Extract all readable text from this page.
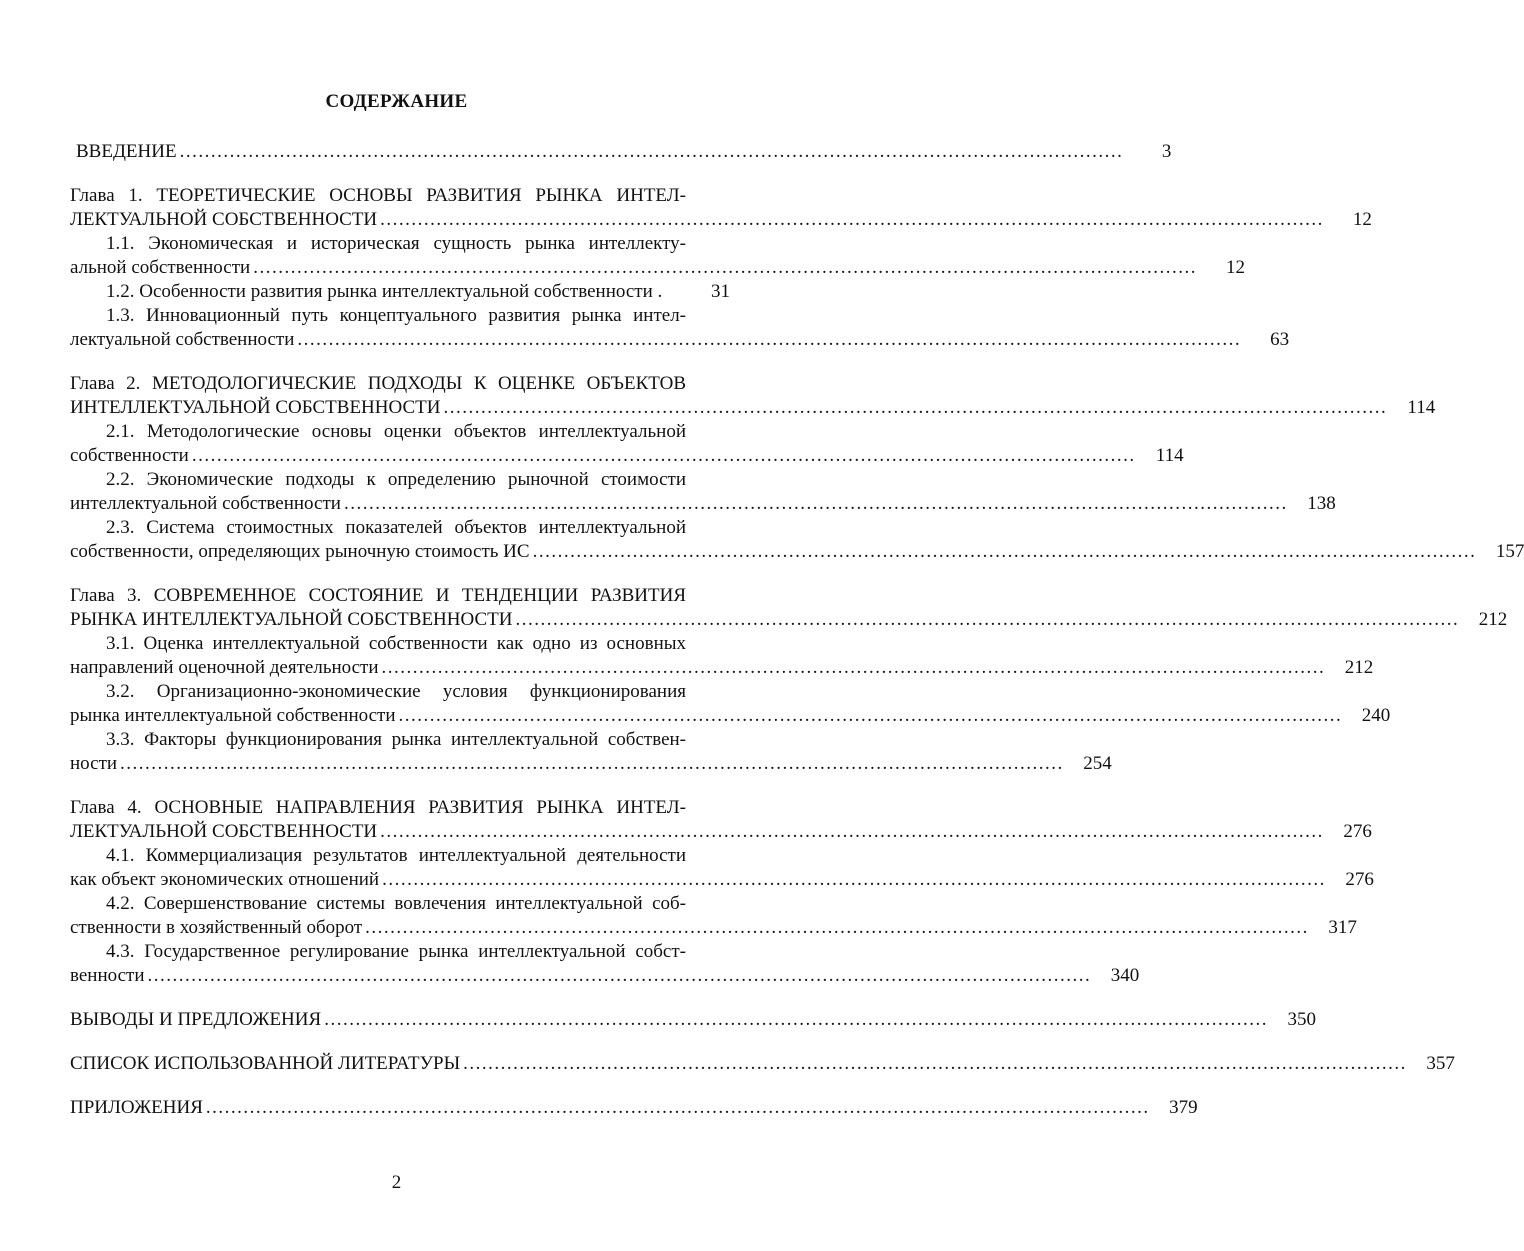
СОДЕРЖАНИЕ
ВВЕДЕНИЕ .......................................................................................................................................................	3
Глава 1. ТЕОРЕТИЧЕСКИЕ ОСНОВЫ РАЗВИТИЯ РЫНКА ИНТЕЛ-
ЛЕКТУАЛЬНОЙ СОБСТВЕННОСТИ .......................................................................................................................................................	12
1.1. Экономическая и историческая сущность рынка интеллекту-
альной собственности .......................................................................................................................................................	12
1.2. Особенности развития рынка интеллектуальной собственности .	31
1.3. Инновационный путь концептуального развития рынка интел-
лектуальной собственности .......................................................................................................................................................	63
Глава 2. МЕТОДОЛОГИЧЕСКИЕ ПОДХОДЫ К ОЦЕНКЕ ОБЪЕКТОВ
ИНТЕЛЛЕКТУАЛЬНОЙ СОБСТВЕННОСТИ .......................................................................................................................................................	114
2.1. Методологические основы оценки объектов интеллектуальной
собственности .......................................................................................................................................................	114
2.2. Экономические подходы к определению рыночной стоимости
интеллектуальной собственности .......................................................................................................................................................	138
2.3. Система стоимостных показателей объектов интеллектуальной
собственности, определяющих рыночную стоимость ИС .......................................................................................................................................................	157
Глава 3. СОВРЕМЕННОЕ СОСТОЯНИЕ И ТЕНДЕНЦИИ РАЗВИТИЯ
РЫНКА ИНТЕЛЛЕКТУАЛЬНОЙ СОБСТВЕННОСТИ .......................................................................................................................................................	212
3.1. Оценка интеллектуальной собственности как одно из основных
направлений оценочной деятельности .......................................................................................................................................................	212
3.2. Организационно-экономические условия функционирования
рынка интеллектуальной собственности .......................................................................................................................................................	240
3.3. Факторы функционирования рынка интеллектуальной собствен-
ности .......................................................................................................................................................	254
Глава 4. ОСНОВНЫЕ НАПРАВЛЕНИЯ РАЗВИТИЯ РЫНКА ИНТЕЛ-
ЛЕКТУАЛЬНОЙ СОБСТВЕННОСТИ .......................................................................................................................................................	276
4.1. Коммерциализация результатов интеллектуальной деятельности
как объект экономических отношений .......................................................................................................................................................	276
4.2. Совершенствование системы вовлечения интеллектуальной соб-
ственности в хозяйственный оборот .......................................................................................................................................................	317
4.3. Государственное регулирование рынка интеллектуальной собст-
венности .......................................................................................................................................................	340
ВЫВОДЫ И ПРЕДЛОЖЕНИЯ .......................................................................................................................................................	350
СПИСОК ИСПОЛЬЗОВАННОЙ ЛИТЕРАТУРЫ .......................................................................................................................................................	357
ПРИЛОЖЕНИЯ .......................................................................................................................................................	379
2
